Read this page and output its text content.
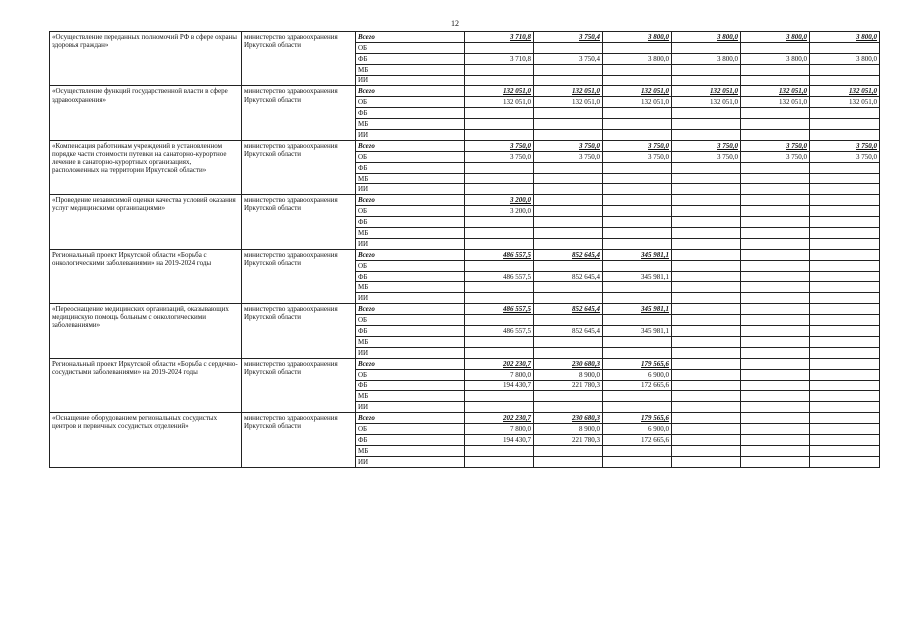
12
«Осуществление переданных полномочий РФ в сфере охраны здоровья граждан»	министерство здравоохранения Иркутской области	Всего	3 710,8	3 750,4	3 800,0	3 800,0	3 800,0	3 800,0
		ОБ						
		ФБ	3 710,8	3 750,4	3 800,0	3 800,0	3 800,0	3 800,0
		МБ						
		ИИ						
«Осуществление функций государственной власти в сфере здравоохранения»	министерство здравоохранения Иркутской области	Всего	132 051,0	132 051,0	132 051,0	132 051,0	132 051,0	132 051,0
		ОБ	132 051,0	132 051,0	132 051,0	132 051,0	132 051,0	132 051,0
		ФБ						
		МБ						
		ИИ						
«Компенсация работникам учреждений в установленном порядке части стоимости путевки на санаторно-курортное лечение в санаторно-курортных организациях, расположенных на территории Иркутской области»	министерство здравоохранения Иркутской области	Всего	3 750,0	3 750,0	3 750,0	3 750,0	3 750,0	3 750,0
		ОБ	3 750,0	3 750,0	3 750,0	3 750,0	3 750,0	3 750,0
		ФБ						
		МБ						
		ИИ						
«Проведение независимой оценки качества условий оказания услуг медицинскими организациями»	министерство здравоохранения Иркутской области	Всего	3 200,0					
		ОБ	3 200,0					
		ФБ						
		МБ						
		ИИ						
Региональный проект Иркутской области «Борьба с онкологическими заболеваниями» на 2019-2024 годы	министерство здравоохранения Иркутской области	Всего	486 557,5	852 645,4	345 981,1			
		ОБ						
		ФБ	486 557,5	852 645,4	345 981,1			
		МБ						
		ИИ						
«Переоснащение медицинских организаций, оказывающих медицинскую помощь больным с онкологическими заболеваниями»	министерство здравоохранения Иркутской области	Всего	486 557,5	852 645,4	345 981,1			
		ОБ						
		ФБ	486 557,5	852 645,4	345 981,1			
		МБ						
		ИИ						
Региональный проект Иркутской области «Борьба с сердечно-сосудистыми заболеваниями» на 2019-2024 годы	министерство здравоохранения Иркутской области	Всего	202 230,7	230 680,3	179 565,6			
		ОБ	7 800,0	8 900,0	6 900,0			
		ФБ	194 430,7	221 780,3	172 665,6			
		МБ						
		ИИ						
«Оснащение оборудованием региональных сосудистых центров и первичных сосудистых отделений»	министерство здравоохранения Иркутской области	Всего	202 230,7	230 680,3	179 565,6			
		ОБ	7 800,0	8 900,0	6 900,0			
		ФБ	194 430,7	221 780,3	172 665,6			
		МБ						
		ИИ						
